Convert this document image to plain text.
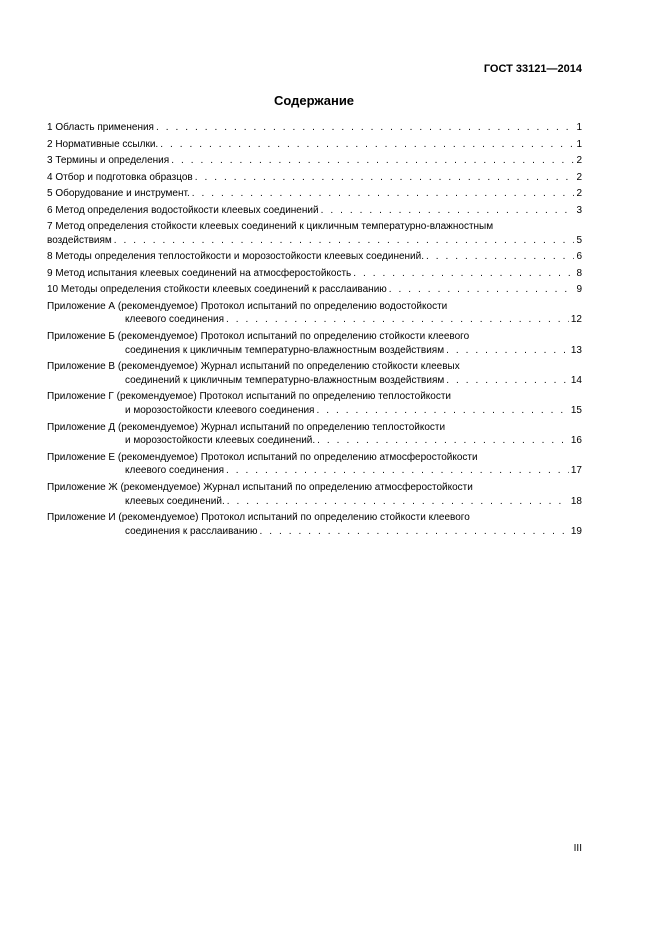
ГОСТ 33121—2014
Содержание
1 Область применения . . .	1
2 Нормативные ссылки. . . .	1
3 Термины и определения . . .	2
4 Отбор и подготовка образцов . . .	2
5 Оборудование и инструмент. . . .	2
6 Метод определения водостойкости клеевых соединений . . .	3
7 Метод определения стойкости клеевых соединений к цикличным температурно-влажностным
воздействиям . . .	5
8 Методы определения теплостойкости и морозостойкости клеевых соединений. . . .	6
9 Метод испытания клеевых соединений на атмосферостойкость . . .	8
10 Методы определения стойкости клеевых соединений к расслаиванию . . .	9
Приложение А (рекомендуемое) Протокол испытаний по определению водостойкости
клеевого соединения . . .	12
Приложение Б (рекомендуемое) Протокол испытаний по определению стойкости клеевого
соединения к цикличным температурно-влажностным воздействиям . . .	13
Приложение В (рекомендуемое) Журнал испытаний по определению стойкости клеевых
соединений к цикличным температурно-влажностным воздействиям . . .	14
Приложение Г (рекомендуемое) Протокол испытаний по определению теплостойкости
и морозостойкости клеевого соединения . . .	15
Приложение Д (рекомендуемое) Журнал испытаний по определению теплостойкости
и морозостойкости клеевых соединений. . . .	16
Приложение Е (рекомендуемое) Протокол испытаний по определению атмосферостойкости
клеевого соединения . . .	17
Приложение Ж (рекомендуемое) Журнал испытаний по определению атмосферостойкости
клеевых соединений. . . .	18
Приложение И (рекомендуемое) Протокол испытаний по определению стойкости клеевого
соединения к расслаиванию . . .	19
III
